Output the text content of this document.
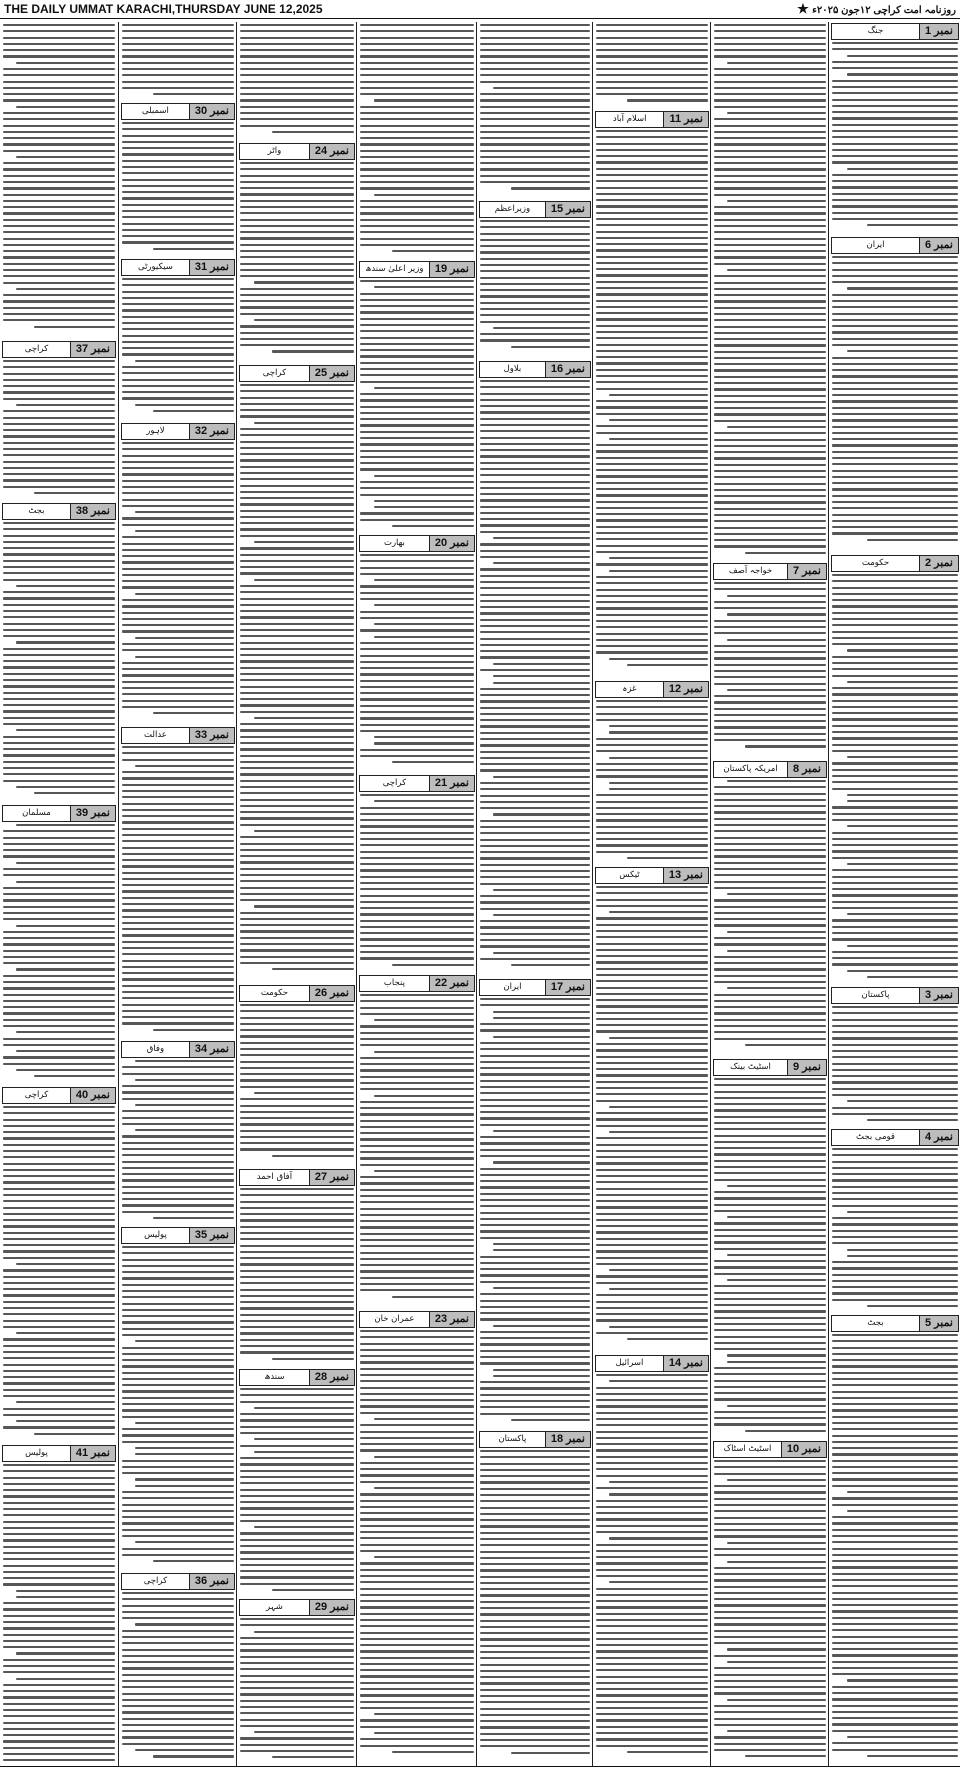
THE DAILY UMMAT KARACHI,THURSDAY JUNE 12,2025	روزنامہ امت کراچی ۱۲جون ۲۰۲۵ء ★
نمبر 37
کراچی
نمبر 38
بجٹ
نمبر 39
مسلمان
نمبر 40
کراچی
نمبر 41
پولیس
نمبر 30
اسمبلی
نمبر 31
سیکیورٹی
نمبر 32
لاہور
نمبر 33
عدالت
نمبر 34
وفاق
نمبر 35
پولیس
نمبر 36
کراچی
نمبر 24
واٹر
نمبر 25
کراچی
نمبر 26
حکومت
نمبر 27
آفاق احمد
نمبر 28
سندھ
نمبر 29
شہر
نمبر 19
وزیر اعلیٰ سندھ
نمبر 20
بھارت
نمبر 21
کراچی
نمبر 22
پنجاب
نمبر 23
عمران خان
نمبر 15
وزیراعظم
نمبر 16
بلاول
نمبر 17
ایران
نمبر 18
پاکستان
نمبر 11
اسلام آباد
نمبر 12
غزہ
نمبر 13
ٹیکس
نمبر 14
اسرائیل
نمبر 7
خواجہ آصف
نمبر 8
امریکہ پاکستان
نمبر 9
اسٹیٹ بینک
نمبر 10
اسٹیٹ اسٹاک
نمبر 1
جنگ
نمبر 6
ایران
نمبر 2
حکومت
نمبر 3
پاکستان
نمبر 4
قومی بجٹ
نمبر 5
بجٹ
